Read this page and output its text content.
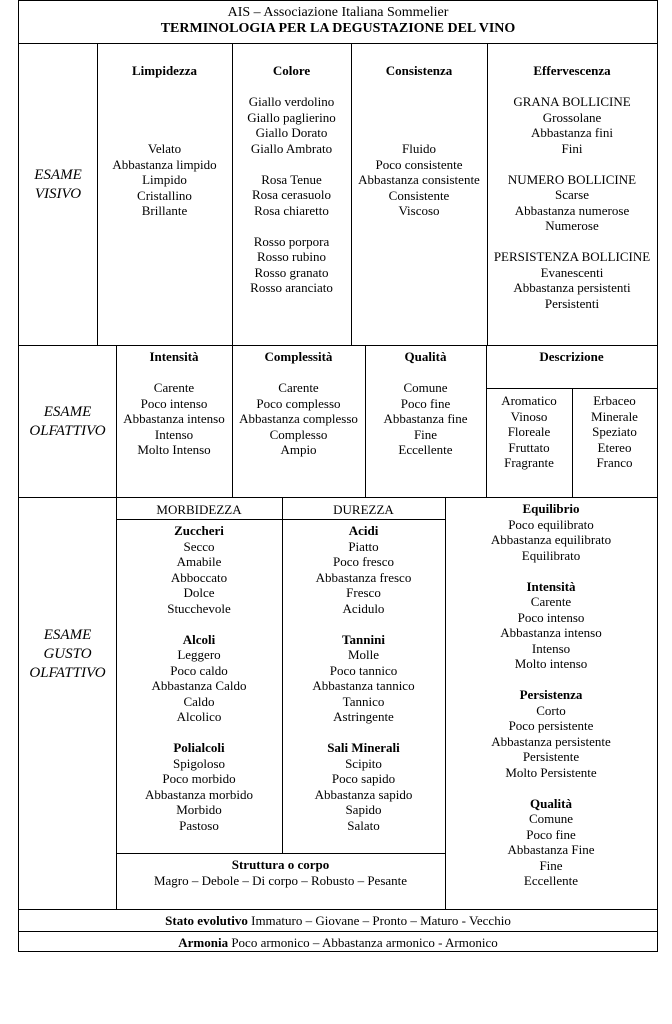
AIS – Associazione Italiana Sommelier
TERMINOLOGIA PER LA DEGUSTAZIONE DEL VINO
ESAME
VISIVO
Limpidezza
Velato
Abbastanza limpido
Limpido
Cristallino
Brillante
Colore
Giallo verdolino
Giallo paglierino
Giallo Dorato
Giallo Ambrato
Rosa Tenue
Rosa cerasuolo
Rosa chiaretto
Rosso porpora
Rosso rubino
Rosso granato
Rosso aranciato
Consistenza
Fluido
Poco consistente
Abbastanza consistente
Consistente
Viscoso
Effervescenza
GRANA BOLLICINE
Grossolane
Abbastanza fini
Fini
NUMERO BOLLICINE
Scarse
Abbastanza numerose
Numerose
PERSISTENZA BOLLICINE
Evanescenti
Abbastanza persistenti
Persistenti
ESAME
OLFATTIVO
Intensità
Carente
Poco intenso
Abbastanza intenso
Intenso
Molto Intenso
Complessità
Carente
Poco complesso
Abbastanza complesso
Complesso
Ampio
Qualità
Comune
Poco fine
Abbastanza fine
Fine
Eccellente
Descrizione
Aromatico
Vinoso
Floreale
Fruttato
Fragrante
Erbaceo
Minerale
Speziato
Etereo
Franco
ESAME
GUSTO
OLFATTIVO
MORBIDEZZA	DUREZZA
Zuccheri
Secco
Amabile
Abboccato
Dolce
Stucchevole
Alcoli
Leggero
Poco caldo
Abbastanza Caldo
Caldo
Alcolico
Polialcoli
Spigoloso
Poco morbido
Abbastanza morbido
Morbido
Pastoso
Acidi
Piatto
Poco fresco
Abbastanza fresco
Fresco
Acidulo
Tannini
Molle
Poco tannico
Abbastanza tannico
Tannico
Astringente
Sali Minerali
Scipito
Poco sapido
Abbastanza sapido
Sapido
Salato
Struttura o corpo
Magro – Debole – Di corpo – Robusto – Pesante
Equilibrio
Poco equilibrato
Abbastanza equilibrato
Equilibrato
Intensità
Carente
Poco intenso
Abbastanza intenso
Intenso
Molto intenso
Persistenza
Corto
Poco persistente
Abbastanza persistente
Persistente
Molto Persistente
Qualità
Comune
Poco fine
Abbastanza Fine
Fine
Eccellente
Stato evolutivo Immaturo – Giovane – Pronto – Maturo - Vecchio
Armonia Poco armonico – Abbastanza armonico - Armonico
